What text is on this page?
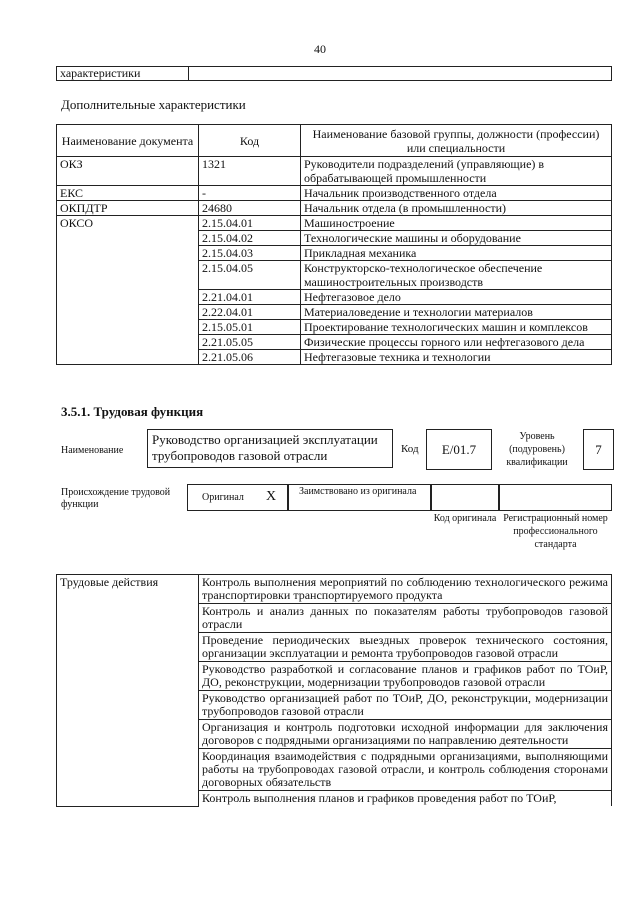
40
характеристики	
Дополнительные характеристики
Наименование документа	Код	Наименование базовой группы, должности (профессии) или специальности
ОКЗ	1321	Руководители подразделений (управляющие) в обрабатывающей промышленности
ЕКС	-	Начальник производственного отдела
ОКПДТР	24680	Начальник отдела (в промышленности)
ОКСО	2.15.04.01	Машиностроение
	2.15.04.02	Технологические машины и оборудование
	2.15.04.03	Прикладная механика
	2.15.04.05	Конструкторско-технологическое обеспечение машиностроительных производств
	2.21.04.01	Нефтегазовое дело
	2.22.04.01	Материаловедение и технологии материалов
	2.15.05.01	Проектирование технологических машин и комплексов
	2.21.05.05	Физические процессы горного или нефтегазового дела
	2.21.05.06	Нефтегазовые техника и технологии
3.5.1. Трудовая функция
Наименование
Руководство организацией эксплуатации трубопроводов газовой отрасли	Код	E/01.7
Уровень (подуровень) квалификации
7
Происхождение трудовой функции
Оригинал X Заимствовано из оригинала
Код оригинала Регистрационный номер профессионального стандарта
Трудовые действия	Контроль выполнения мероприятий по соблюдению технологического режима транспортировки транспортируемого продукта
Контроль и анализ данных по показателям работы трубопроводов газовой отрасли
Проведение периодических выездных проверок технического состояния, организации эксплуатации и ремонта трубопроводов газовой отрасли
Руководство разработкой и согласование планов и графиков работ по ТОиР, ДО, реконструкции, модернизации трубопроводов газовой отрасли
Руководство организацией работ по ТОиР, ДО, реконструкции, модернизации трубопроводов газовой отрасли
Организация и контроль подготовки исходной информации для заключения договоров с подрядными организациями по направлению деятельности
Координация взаимодействия с подрядными организациями, выполняющими работы на трубопроводах газовой отрасли, и контроль соблюдения сторонами договорных обязательств
Контроль выполнения планов и графиков проведения работ по ТОиР,
